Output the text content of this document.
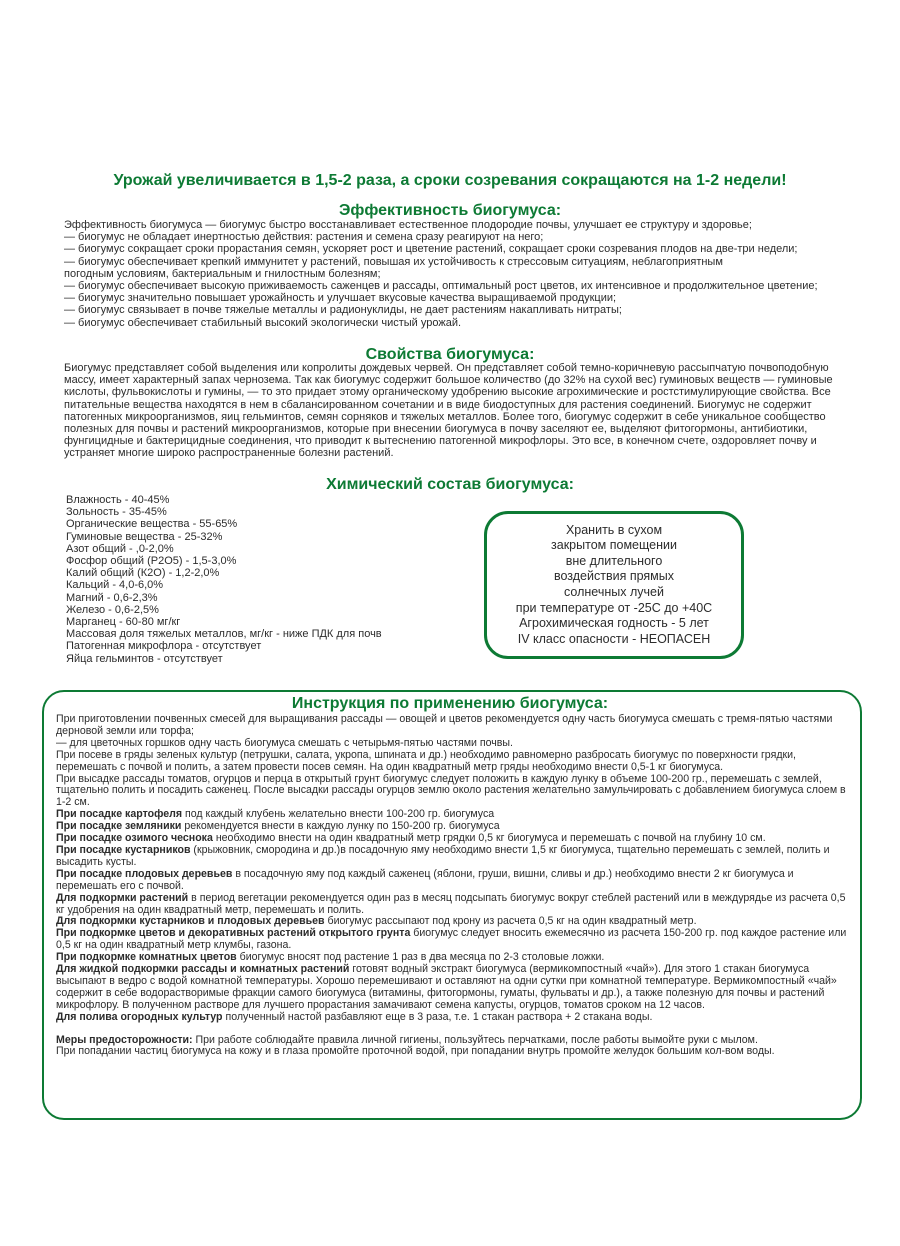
Урожай увеличивается в 1,5-2 раза, а сроки созревания сокращаются на 1-2 недели!
Эффективность биогумуса:

Эффективность биогумуса — биогумус быстро восстанавливает естественное плодородие почвы, улучшает ее структуру и здоровье;

— биогумус не обладает инертностью действия: растения и семена сразу реагируют на него;

— биогумус сокращает сроки прорастания семян, ускоряет рост и цветение растений, сокращает сроки созревания плодов на две-три недели;

— биогумус обеспечивает крепкий иммунитет у растений, повышая их устойчивость к стрессовым ситуациям, неблагоприятным

погодным условиям, бактериальным и гнилостным болезням;

— биогумус обеспечивает высокую приживаемость саженцев и рассады, оптимальный рост цветов, их интенсивное и продолжительное цветение;

— биогумус значительно повышает урожайность и улучшает вкусовые качества выращиваемой продукции;

— биогумус связывает в почве тяжелые металлы и радионуклиды, не дает растениям накапливать нитраты;

— биогумус обеспечивает стабильный высокий экологически чистый урожай.

Свойства биогумуса:
Биогумус представляет собой выделения или копролиты дождевых червей. Он представляет собой темно-коричневую рассыпчатую почвоподобную массу, имеет характерный запах чернозема. Так как биогумус содержит большое количество (до 32% на сухой вес) гуминовых веществ — гуминовые кислоты, фульвокислоты и гумины, — то это придает этому органическому удобрению высокие агрохимические и ростстимулирующие свойства. Все питательные вещества находятся в нем в сбалансированном сочетании и в виде биодоступных для растения соединений. Биогумус не содержит патогенных микроорганизмов, яиц гельминтов, семян сорняков и тяжелых металлов. Более того, биогумус содержит в себе уникальное сообщество полезных для почвы и растений микроорганизмов, которые при внесении биогумуса в почву заселяют ее, выделяют фитогормоны, антибиотики, фунгицидные и бактерицидные соединения, что приводит к вытеснению патогенной микрофлоры. Это все, в конечном счете, оздоровляет почву и устраняет многие широко распространенные болезни растений.
Химический состав биогумуса:
Влажность - 40-45%
Зольность - 35-45%
Органические вещества - 55-65%
Гуминовые вещества - 25-32%
Азот общий - ,0-2,0%
Фосфор общий (Р2О5) - 1,5-3,0%
Калий общий (К2О) - 1,2-2,0%
Кальций - 4,0-6,0%
Магний - 0,6-2,3%
Железо - 0,6-2,5%
Марганец - 60-80 мг/кг
Массовая доля тяжелых металлов, мг/кг - ниже ПДК для почв
Патогенная микрофлора - отсутствует
Яйца гельминтов - отсутствует
Хранить в сухом
закрытом помещении
вне длительного
воздействия прямых
солнечных лучей
при температуре от -25С до +40С
Агрохимическая годность - 5 лет
IV класс опасности - НЕОПАСЕН
Инструкция по применению биогумуса:

При приготовлении почвенных смесей для выращивания рассады — овощей и цветов рекомендуется одну часть биогумуса смешать с тремя-пятью частями дерновой земли или торфа;

— для цветочных горшков одну часть биогумуса смешать с четырьмя-пятью частями почвы.

При посеве в гряды зеленых культур (петрушки, салата, укропа, шпината и др.) необходимо равномерно разбросать биогумус по поверхности грядки, перемешать с почвой и полить, а затем провести посев семян. На один квадратный метр гряды необходимо внести 0,5-1 кг биогумуса.

При высадке рассады томатов, огурцов и перца в открытый грунт биогумус следует положить в каждую лунку в объеме 100-200 гр., перемешать с землей, тщательно полить и посадить саженец. После высадки рассады огурцов землю около растения желательно замульчировать с добавлением биогумуса слоем в 1-2 см.

При посадке картофеля под каждый клубень желательно внести 100-200 гр. биогумуса

При посадке земляники рекомендуется внести в каждую лунку по 150-200 гр. биогумуса

При посадке озимого чеснока необходимо внести на один квадратный метр грядки 0,5 кг биогумуса и перемешать с почвой на глубину 10 см.

При посадке кустарников (крыжовник, смородина и др.)в посадочную яму необходимо внести 1,5 кг биогумуса, тщательно перемешать с землей, полить и высадить кусты.

При посадке плодовых деревьев в посадочную яму под каждый саженец (яблони, груши, вишни, сливы и др.) необходимо внести 2 кг биогумуса и перемешать его с почвой.

Для подкормки растений в период вегетации рекомендуется один раз в месяц подсыпать биогумус вокруг стеблей растений или в междурядье из расчета 0,5 кг удобрения на один квадратный метр, перемешать и полить.

Для подкормки кустарников и плодовых деревьев биогумус рассыпают под крону из расчета 0,5 кг на один квадратный метр.

При подкормке цветов и декоративных растений открытого грунта биогумус следует вносить ежемесячно из расчета 150-200 гр. под каждое растение или 0,5 кг на один квадратный метр клумбы, газона.

При подкормке комнатных цветов биогумус вносят под растение 1 раз в два месяца по 2-3 столовые ложки.

Для жидкой подкормки рассады и комнатных растений готовят водный экстракт биогумуса (вермикомпостный «чай»). Для этого 1 стакан биогумуса высыпают в ведро с водой комнатной температуры. Хорошо перемешивают и оставляют на одни сутки при комнатной температуре. Вермикомпостный «чай» содержит в себе водорастворимые фракции самого биогумуса (витамины, фитогормоны, гуматы, фульваты и др.), а также полезную для почвы и растений микрофлору. В полученном растворе для лучшего прорастания замачивают семена капусты, огурцов, томатов сроком на 12 часов.

Для полива огородных культур полученный настой разбавляют еще в 3 раза, т.е. 1 стакан раствора + 2 стакана воды.

Меры предосторожности: При работе соблюдайте правила личной гигиены, пользуйтесь перчатками, после работы вымойте руки с мылом.

При попадании частиц биогумуса на кожу и в глаза промойте проточной водой, при попадании внутрь промойте желудок большим кол-вом воды.
